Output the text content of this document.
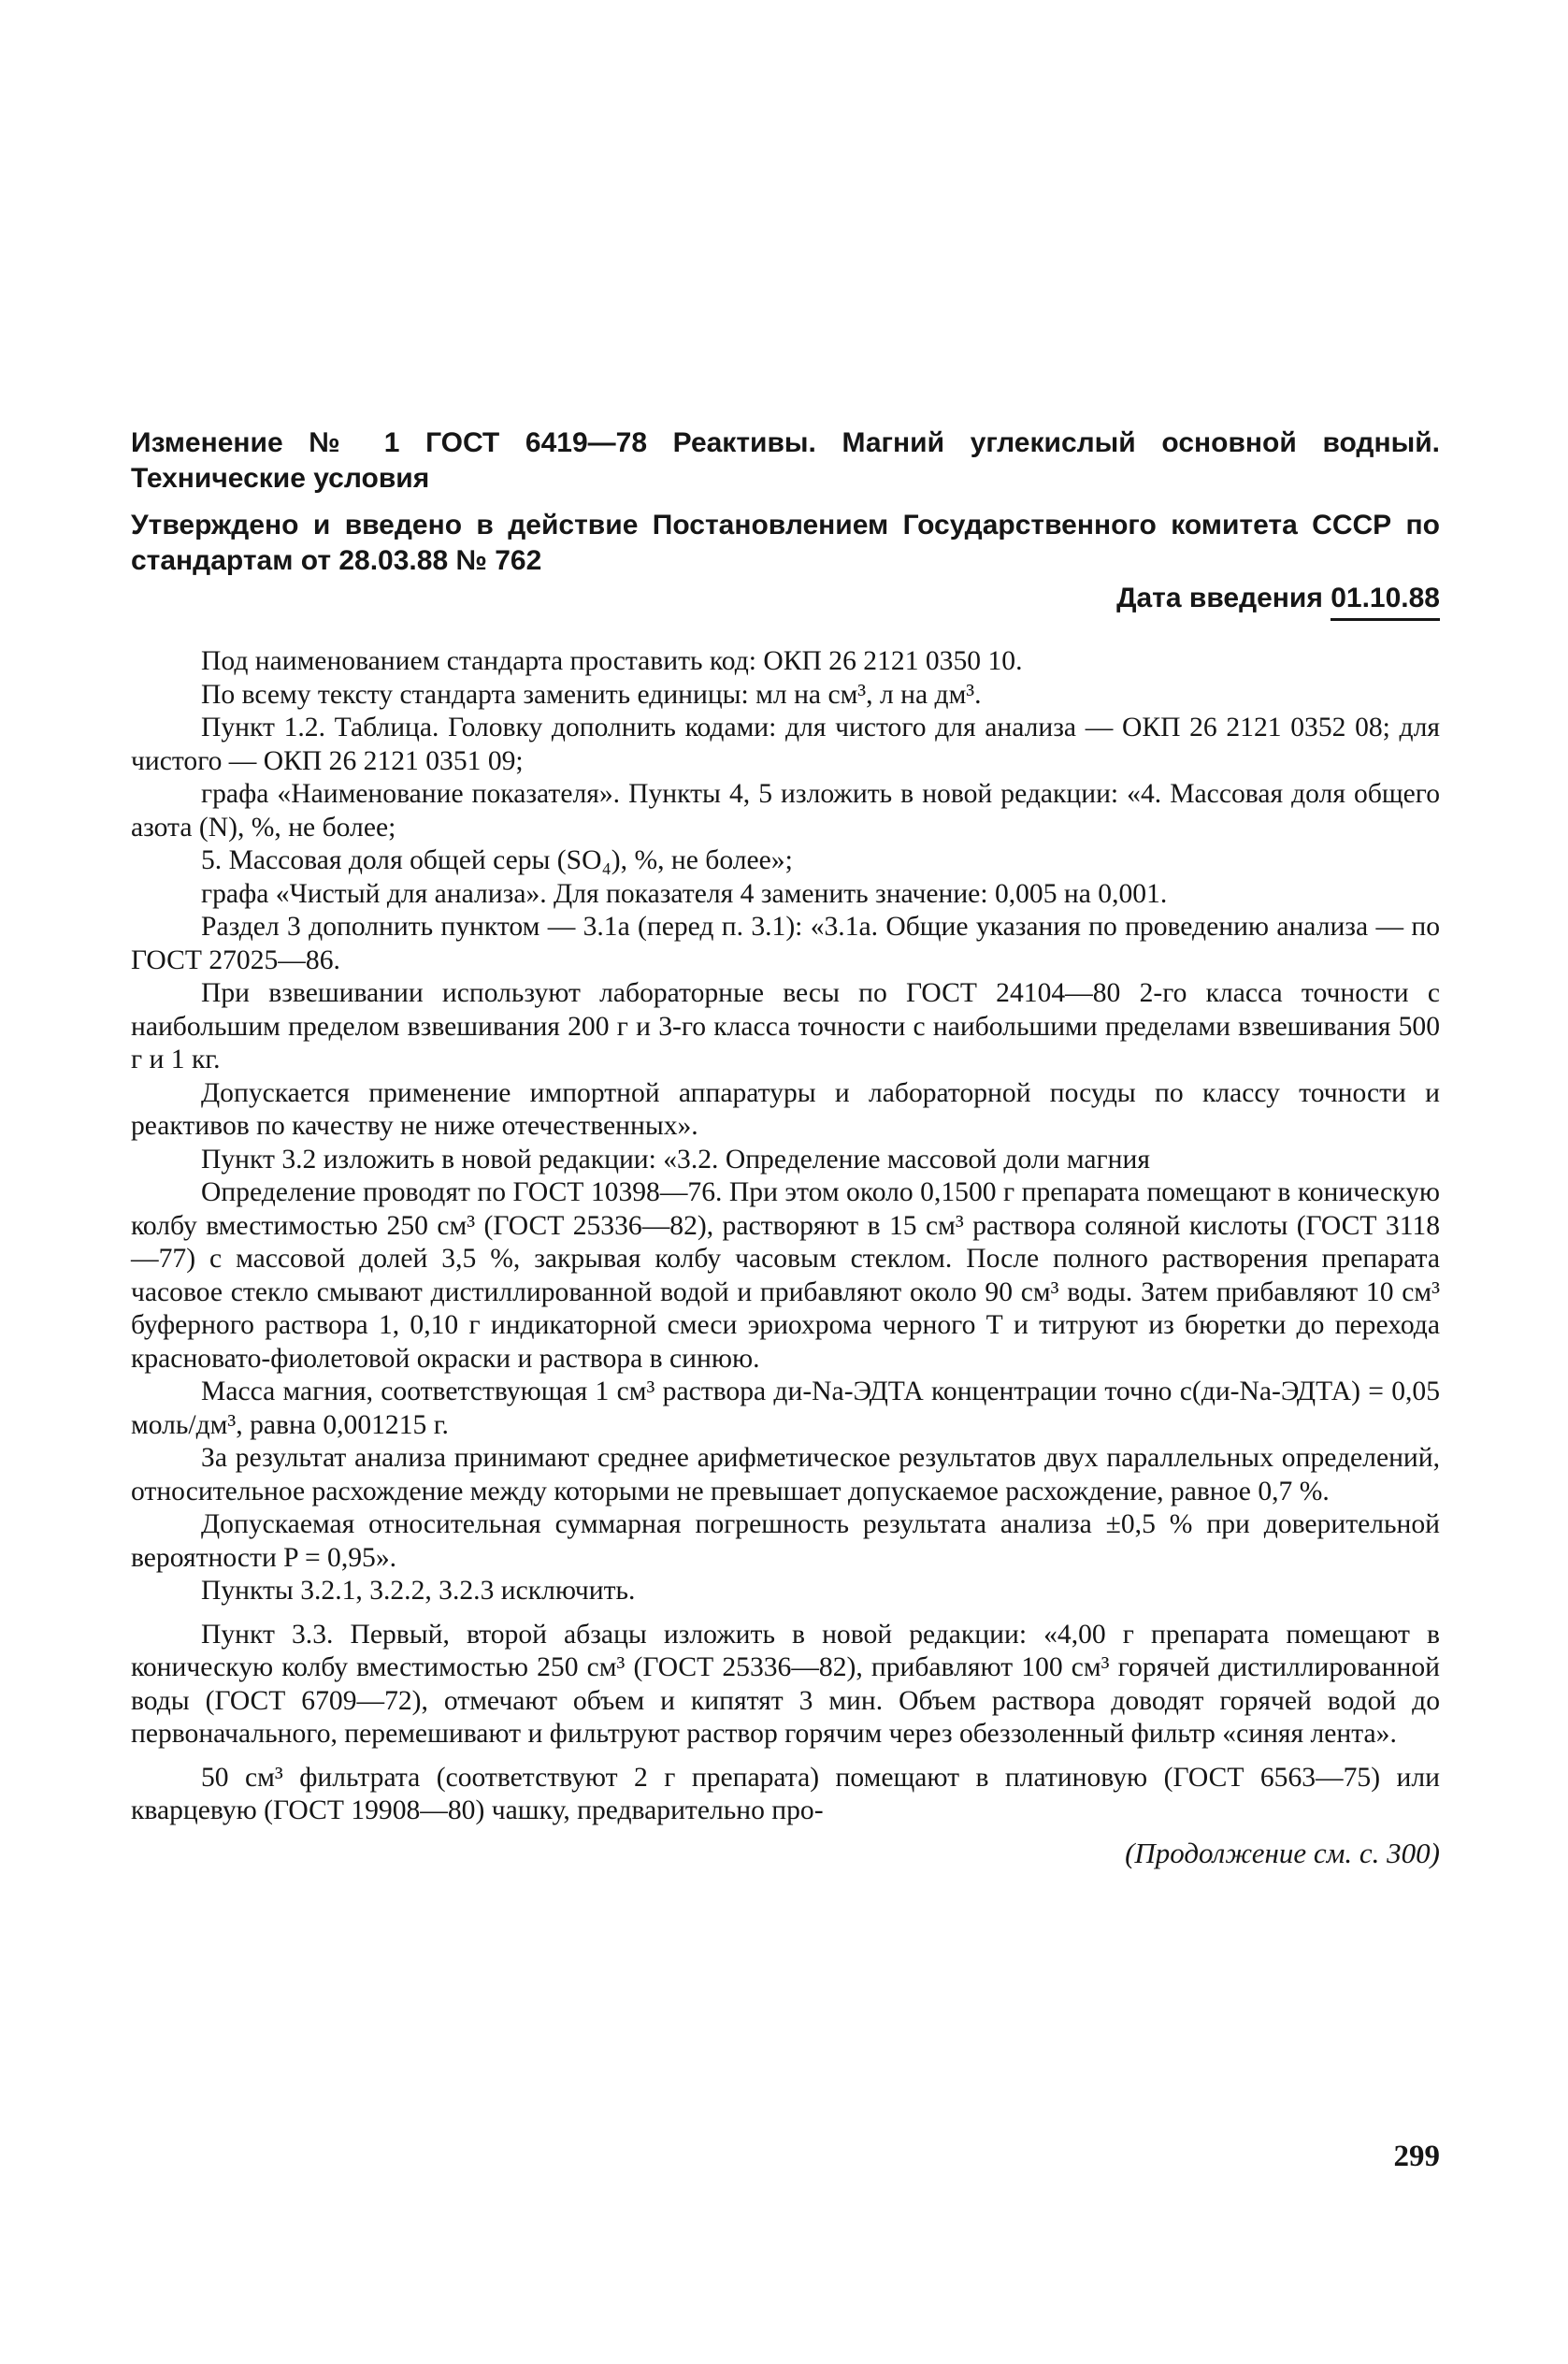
Изменение № 1 ГОСТ 6419—78 Реактивы. Магний углекислый основной водный. Технические условия
Утверждено и введено в действие Постановлением Государственного комитета СССР по стандартам от 28.03.88 № 762
Дата введения 01.10.88

Под наименованием стандарта проставить код: ОКП 26 2121 0350 10.

По всему тексту стандарта заменить единицы: мл на см³, л на дм³.

Пункт 1.2. Таблица. Головку дополнить кодами: для чистого для анализа — ОКП 26 2121 0352 08; для чистого — ОКП 26 2121 0351 09;

графа «Наименование показателя». Пункты 4, 5 изложить в новой редакции: «4. Массовая доля общего азота (N), %, не более;

5. Массовая доля общей серы (SO₄), %, не более»;

графа «Чистый для анализа». Для показателя 4 заменить значение: 0,005 на 0,001.

Раздел 3 дополнить пунктом — 3.1а (перед п. 3.1): «3.1а. Общие указания по проведению анализа — по ГОСТ 27025—86.

При взвешивании используют лабораторные весы по ГОСТ 24104—80 2-го класса точности с наибольшим пределом взвешивания 200 г и 3-го класса точности с наибольшими пределами взвешивания 500 г и 1 кг.

Допускается применение импортной аппаратуры и лабораторной посуды по классу точности и реактивов по качеству не ниже отечественных».

Пункт 3.2 изложить в новой редакции: «3.2. Определение массовой доли магния

Определение проводят по ГОСТ 10398—76. При этом около 0,1500 г препарата помещают в коническую колбу вместимостью 250 см³ (ГОСТ 25336—82), растворяют в 15 см³ раствора соляной кислоты (ГОСТ 3118—77) с массовой долей 3,5 %, закрывая колбу часовым стеклом. После полного растворения препарата часовое стекло смывают дистиллированной водой и прибавляют около 90 см³ воды. Затем прибавляют 10 см³ буферного раствора 1, 0,10 г индикаторной смеси эриохрома черного Т и титруют из бюретки до перехода красновато-фиолетовой окраски и раствора в синюю.

Масса магния, соответствующая 1 см³ раствора ди-Na-ЭДТА концентрации точно с(ди-Na-ЭДТА) = 0,05 моль/дм³, равна 0,001215 г.

За результат анализа принимают среднее арифметическое результатов двух параллельных определений, относительное расхождение между которыми не превышает допускаемое расхождение, равное 0,7 %.

Допускаемая относительная суммарная погрешность результата анализа ±0,5 % при доверительной вероятности P = 0,95».

Пункты 3.2.1, 3.2.2, 3.2.3 исключить.

Пункт 3.3. Первый, второй абзацы изложить в новой редакции: «4,00 г препарата помещают в коническую колбу вместимостью 250 см³ (ГОСТ 25336—82), прибавляют 100 см³ горячей дистиллированной воды (ГОСТ 6709—72), отмечают объем и кипятят 3 мин. Объем раствора доводят горячей водой до первоначального, перемешивают и фильтруют раствор горячим через обеззоленный фильтр «синяя лента».

50 см³ фильтрата (соответствуют 2 г препарата) помещают в платиновую (ГОСТ 6563—75) или кварцевую (ГОСТ 19908—80) чашку, предварительно про-

(Продолжение см. с. 300)
299
